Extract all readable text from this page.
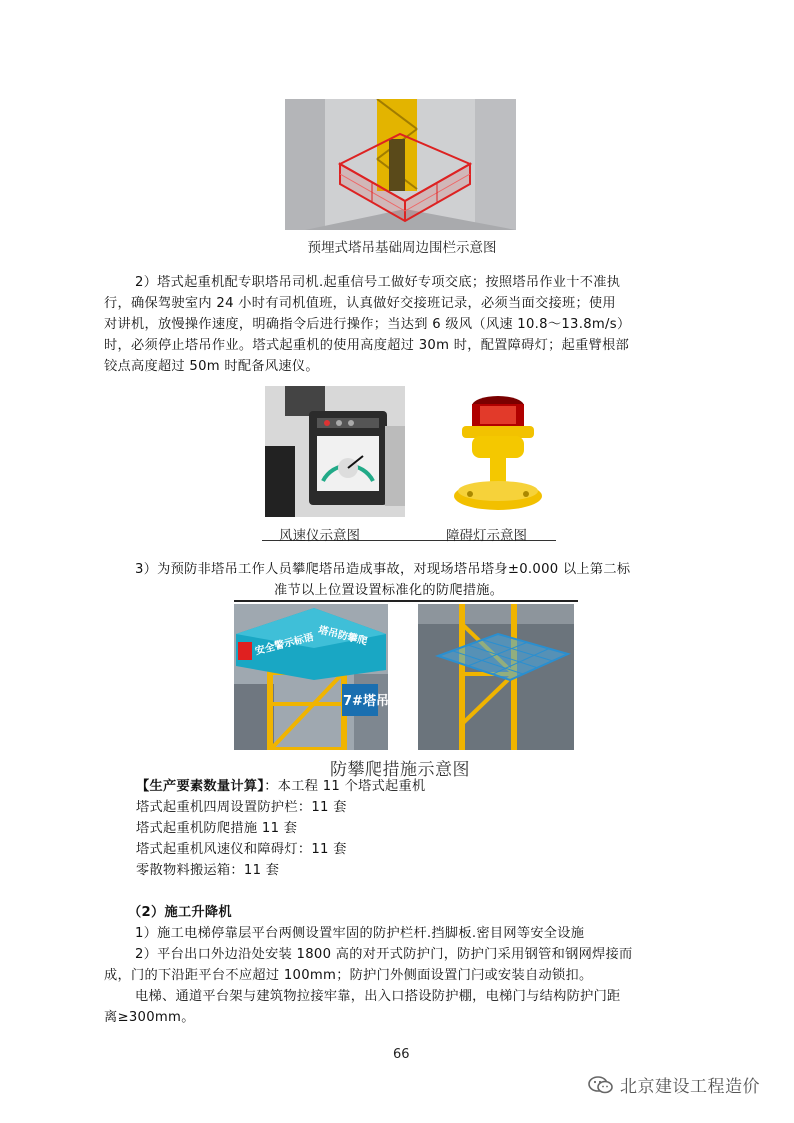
预埋式塔吊基础周边围栏示意图
2）塔式起重机配专职塔吊司机.起重信号工做好专项交底；按照塔吊作业十不准执
行，确保驾驶室内 24 小时有司机值班，认真做好交接班记录，必须当面交接班；使用
对讲机，放慢操作速度，明确指令后进行操作；当达到 6 级风（风速 10.8～13.8m/s）
时，必须停止塔吊作业。塔式起重机的使用高度超过 30m 时，配置障碍灯；起重臂根部
铰点高度超过 50m 时配备风速仪。
风速仪示意图	障碍灯示意图
3）为预防非塔吊工作人员攀爬塔吊造成事故，对现场塔吊塔身±0.000 以上第二标
准节以上位置设置标准化的防爬措施。
安全警示标语 塔吊防攀爬
7#塔吊
防攀爬措施示意图
【生产要素数量计算】：本工程 11 个塔式起重机
塔式起重机四周设置防护栏：11 套
塔式起重机防爬措施 11 套
塔式起重机风速仪和障碍灯：11 套
零散物料搬运箱：11 套
（2）施工升降机
1）施工电梯停靠层平台两侧设置牢固的防护栏杆.挡脚板.密目网等安全设施
2）平台出口外边沿处安装 1800 高的对开式防护门，防护门采用钢管和钢网焊接而
成，门的下沿距平台不应超过 100mm；防护门外侧面设置门闩或安装自动锁扣。
电梯、通道平台架与建筑物拉接牢靠，出入口搭设防护棚，电梯门与结构防护门距
离≥300mm。
66
北京建设工程造价
